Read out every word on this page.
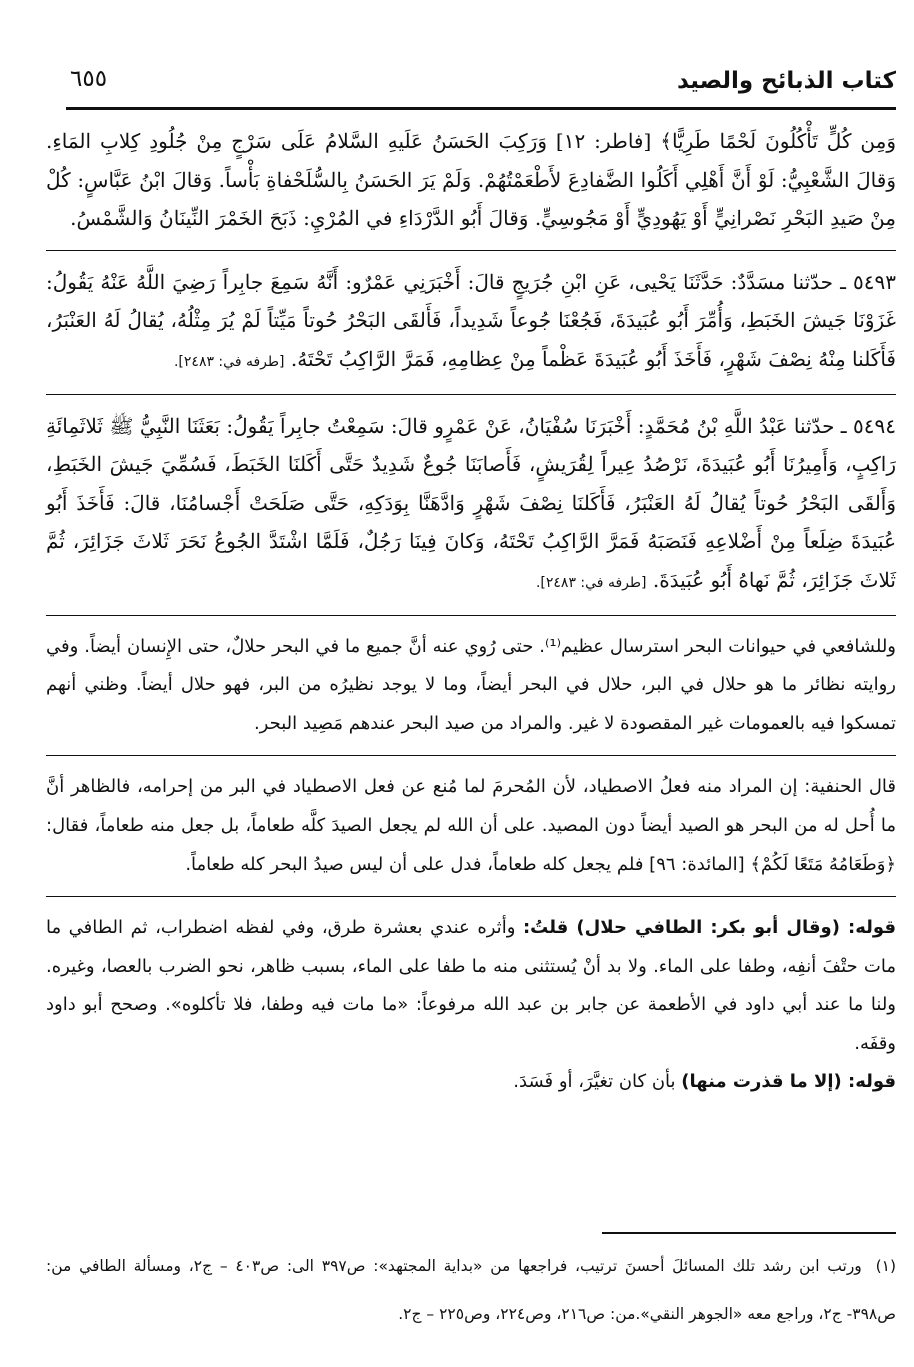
كتاب الذبائح والصيد
٦٥٥

وَمِن كُلٍّ تَأْكُلُونَ لَحْمًا طَرِيًّا﴾ [فاطر: ١٢] وَرَكِبَ الحَسَنُ عَلَيهِ السَّلامُ عَلَى سَرْجٍ مِنْ جُلُودِ كِلابِ المَاءِ. وَقالَ الشَّعْبِيُّ: لَوْ أَنَّ أَهْلِي أَكَلُوا الضَّفادِعَ لأَطْعَمْتُهُمْ. وَلَمْ يَرَ الحَسَنُ بِالسُّلَحْفاةِ بَأْساً. وَقالَ ابْنُ عَبَّاسٍ: كُلْ مِنْ صَيدِ البَحْرِ نَصْرانِيٍّ أَوْ يَهُودِيٍّ أَوْ مَجُوسِيٍّ. وَقالَ أَبُو الدَّرْدَاءِ في المُرْيِ: ذَبَحَ الخَمْرَ النِّينَانُ وَالشَّمْسُ.

٥٤٩٣ ـ حدّثنا مسَدَّدٌ: حَدَّثَنَا يَحْيى، عَنِ ابْنِ جُرَيجٍ قالَ: أَخْبَرَنِي عَمْرٌو: أَنَّهُ سَمِعَ جابِراً رَضِيَ اللَّهُ عَنْهُ يَقُولُ: غَزَوْنَا جَيشَ الخَبَطِ، وَأُمِّرَ أَبُو عُبَيدَةَ، فَجُعْنَا جُوعاً شَدِيداً، فَأَلقَى البَحْرُ حُوتاً مَيِّتاً لَمْ يُرَ مِثْلُهُ، يُقالُ لَهُ العَنْبَرُ، فَأَكَلنا مِنْهُ نِصْفَ شَهْرٍ، فَأَخَذَ أَبُو عُبَيدَةَ عَظْماً مِنْ عِظامِهِ، فَمَرَّ الرَّاكِبُ تَحْتَهُ. [طرفه في: ٢٤٨٣].

٥٤٩٤ ـ حدّثنا عَبْدُ اللَّهِ بْنُ مُحَمَّدٍ: أَخْبَرَنَا سُفْيَانُ، عَنْ عَمْرٍو قالَ: سَمِعْتُ جابِراً يَقُولُ: بَعَثَنَا النَّبِيُّ ﷺ ثَلاثَمِائَةِ رَاكِبٍ، وَأَمِيرُنَا أَبُو عُبَيدَةَ، نَرْصُدُ عِيراً لِقُرَيشٍ، فَأَصابَنَا جُوعٌ شَدِيدٌ حَتَّى أَكَلنَا الخَبَطَ، فَسُمِّيَ جَيشَ الخَبَطِ، وَأَلقَى البَحْرُ حُوتاً يُقالُ لَهُ العَنْبَرُ، فَأَكَلنَا نِصْفَ شَهْرٍ وَادَّهَنَّا بِوَدَكِهِ، حَتَّى صَلَحَتْ أَجْسامُنَا، قالَ: فَأَخَذَ أَبُو عُبَيدَةَ ضِلَعاً مِنْ أَضْلاعِهِ فَنَصَبَهُ فَمَرَّ الرَّاكِبُ تَحْتَهُ، وَكانَ فِينَا رَجُلٌ، فَلَمَّا اشْتَدَّ الجُوعُ نَحَرَ ثَلاثَ جَزَائِرَ، ثُمَّ ثَلاثَ جَزَائِرَ، ثُمَّ نَهاهُ أَبُو عُبَيدَةَ. [طرفه في: ٢٤٨٣].

وللشافعي في حيوانات البحر استرسال عظيم⁽¹⁾. حتى رُوي عنه أنَّ جميع ما في البحر حلالٌ، حتى الإِنسان أيضاً. وفي روايته نظائر ما هو حلال في البر، حلال في البحر أيضاً، وما لا يوجد نظيرُه من البر، فهو حلال أيضاً. وظني أنهم تمسكوا فيه بالعمومات غير المقصودة لا غير. والمراد من صيد البحر عندهم مَصِيد البحر.

قال الحنفية: إن المراد منه فعلُ الاصطياد، لأن المُحرمَ لما مُنع عن فعل الاصطياد في البر من إحرامه، فالظاهر أنَّ ما أُحل له من البحر هو الصيد أيضاً دون المصيد. على أن الله لم يجعل الصيدَ كلَّه طعاماً، بل جعل منه طعاماً، فقال: ﴿وَطَعَامُهُ مَتَعًا لَكُمْ﴾ [المائدة: ٩٦] فلم يجعل كله طعاماً، فدل على أن ليس صيدُ البحر كله طعاماً.

قوله: (وقال أبو بكر: الطافي حلال) قلتُ: وأثره عندي بعشرة طرق، وفي لفظه اضطراب، ثم الطافي ما مات حتْفَ أنفِه، وطفا على الماء. ولا بد أنْ يُستثنى منه ما طفا على الماء، بسبب ظاهر، نحو الضرب بالعصا، وغيره. ولنا ما عند أبي داود في الأطعمة عن جابر بن عبد الله مرفوعاً: «ما مات فيه وطفا، فلا تأكلوه». وصحح أبو داود وقفَه.

قوله: (إلا ما قذرت منها) بأن كان تغيَّرَ، أو فَسَدَ.

(١) ورتب ابن رشد تلك المسائلَ أحسنَ ترتيب، فراجعها من «بداية المجتهد»: ص٣٩٧ الى: ص٤٠٣ – ج٢، ومسألة الطافي من: ص٣٩٨- ج٢، وراجع معه «الجوهر النقي».من: ص٢١٦، وص٢٢٤، وص٢٢٥ – ج٢.
